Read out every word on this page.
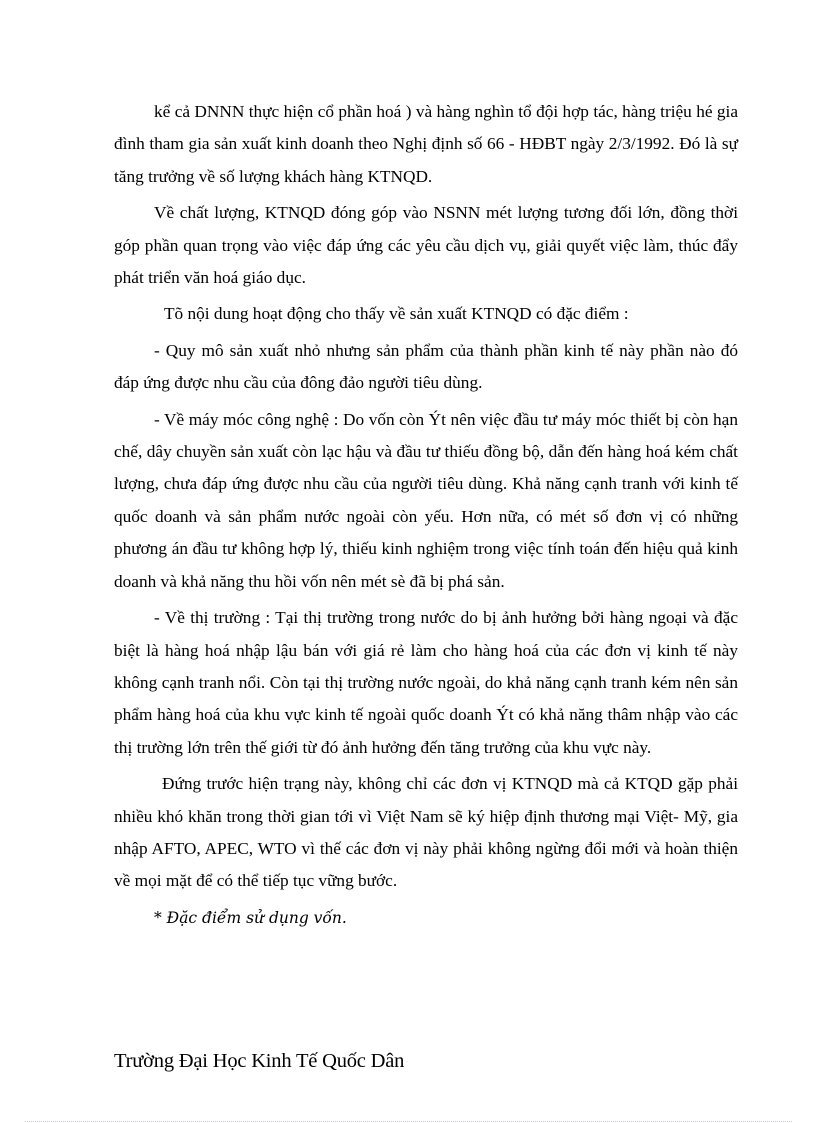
kể cả DNNN thực hiện cổ phần hoá ) và hàng nghìn tổ đội hợp tác, hàng triệu hé gia đình tham gia sản xuất kinh doanh theo Nghị định số 66 - HĐBT ngày 2/3/1992. Đó là sự tăng trưởng về số lượng khách hàng KTNQD.

Về chất lượng, KTNQD đóng góp vào NSNN mét lượng tương đối lớn, đồng thời góp phần quan trọng vào việc đáp ứng các yêu cầu dịch vụ, giải quyết việc làm, thúc đẩy phát triển văn hoá giáo dục.

Tõ nội dung hoạt động cho thấy về sản xuất KTNQD có đặc điểm :

- Quy mô sản xuất nhỏ nhưng sản phẩm của thành phần kinh tế này phần nào đó đáp ứng được nhu cầu của đông đảo người tiêu dùng.

- Về máy móc công nghệ : Do vốn còn Ýt nên việc đầu tư máy móc thiết bị còn hạn chế, dây chuyền sản xuất còn lạc hậu và đầu tư thiếu đồng bộ, dẫn đến hàng hoá kém chất lượng, chưa đáp ứng được nhu cầu của người tiêu dùng. Khả năng cạnh tranh với kinh tế quốc doanh và sản phẩm nước ngoài còn yếu. Hơn nữa, có mét số đơn vị có những phương án đầu tư không hợp lý, thiếu kinh nghiệm trong việc tính toán đến hiệu quả kinh doanh và khả năng thu hồi vốn nên mét sè đã bị phá sản.

- Về thị trường : Tại thị trường trong nước do bị ảnh hưởng bởi hàng ngoại và đặc biệt là hàng hoá nhập lậu bán với giá rẻ làm cho hàng hoá của các đơn vị kinh tế này không cạnh tranh nổi. Còn tại thị trường nước ngoài, do khả năng cạnh tranh kém nên sản phẩm hàng hoá của khu vực kinh tế ngoài quốc doanh Ýt có khả năng thâm nhập vào các thị trường lớn trên thế giới từ đó ảnh hưởng đến tăng trưởng của khu vực này.

Đứng trước hiện trạng này, không chỉ các đơn vị KTNQD mà cả KTQD gặp phải nhiều khó khăn trong thời gian tới vì Việt Nam sẽ ký hiệp định thương mại Việt- Mỹ, gia nhập AFTO, APEC, WTO vì thế các đơn vị này phải không ngừng đổi mới và hoàn thiện về mọi mặt để có thể tiếp tục vững bước.

* Đặc điểm sử dụng vốn.

Trường Đại Học Kinh Tế Quốc Dân
